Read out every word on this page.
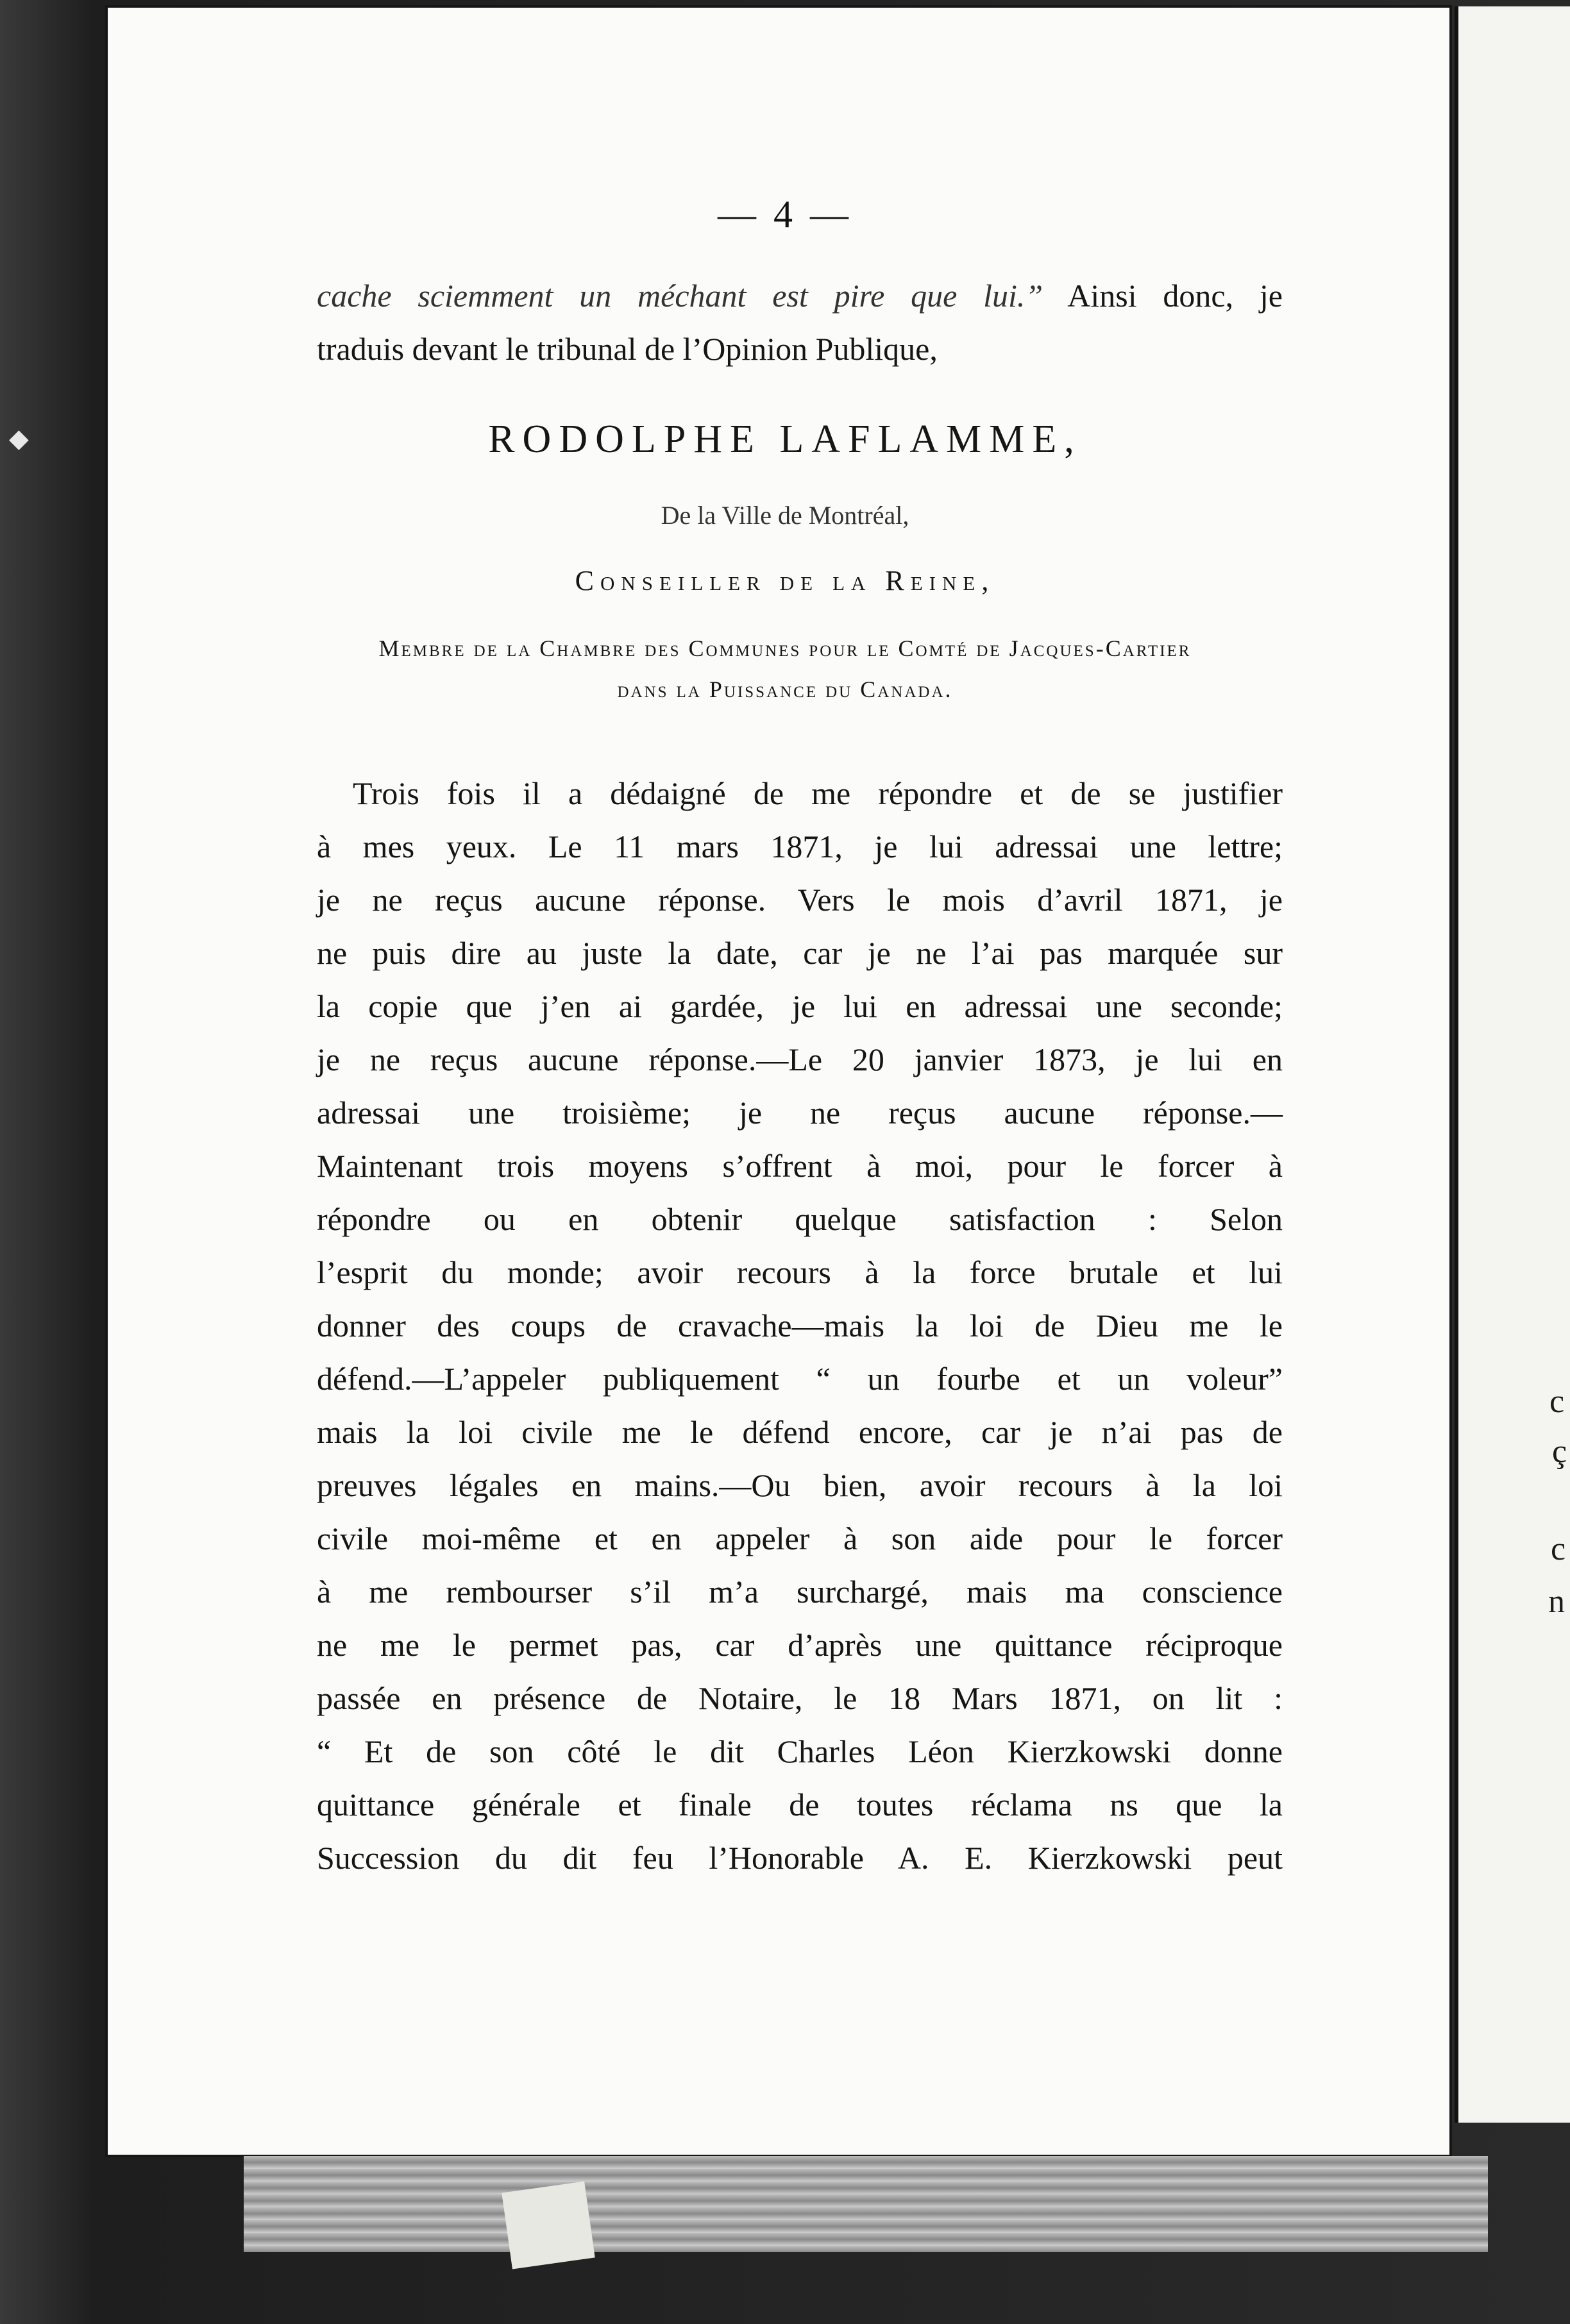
c
ç
c
n
◆
— 4 —
cache sciemment un méchant est pire que lui.” Ainsi donc, je
traduis devant le tribunal de l’Opinion Publique,
RODOLPHE LAFLAMME,
De la Ville de Montréal,
Conseiller de la Reine,
Membre de la Chambre des Communes pour le Comté de Jacques-Cartier
dans la Puissance du Canada.
Trois fois il a dédaigné de me répondre et de se justifier
à mes yeux. Le 11 mars 1871, je lui adressai une lettre;
je ne reçus aucune réponse. Vers le mois d’avril 1871, je
ne puis dire au juste la date, car je ne l’ai pas marquée sur
la copie que j’en ai gardée, je lui en adressai une seconde;
je ne reçus aucune réponse.—Le 20 janvier 1873, je lui en
adressai une troisième; je ne reçus aucune réponse.—
Maintenant trois moyens s’offrent à moi, pour le forcer à
répondre ou en obtenir quelque satisfaction : Selon
l’esprit du monde; avoir recours à la force brutale et lui
donner des coups de cravache—mais la loi de Dieu me le
défend.—L’appeler publiquement “ un fourbe et un voleur”
mais la loi civile me le défend encore, car je n’ai pas de
preuves légales en mains.—Ou bien, avoir recours à la loi
civile moi-même et en appeler à son aide pour le forcer
à me rembourser s’il m’a surchargé, mais ma conscience
ne me le permet pas, car d’après une quittance réciproque
passée en présence de Notaire, le 18 Mars 1871, on lit :
“ Et de son côté le dit Charles Léon Kierzkowski donne
quittance générale et finale de toutes réclama ns que la
Succession du dit feu l’Honorable A. E. Kierzkowski peut
